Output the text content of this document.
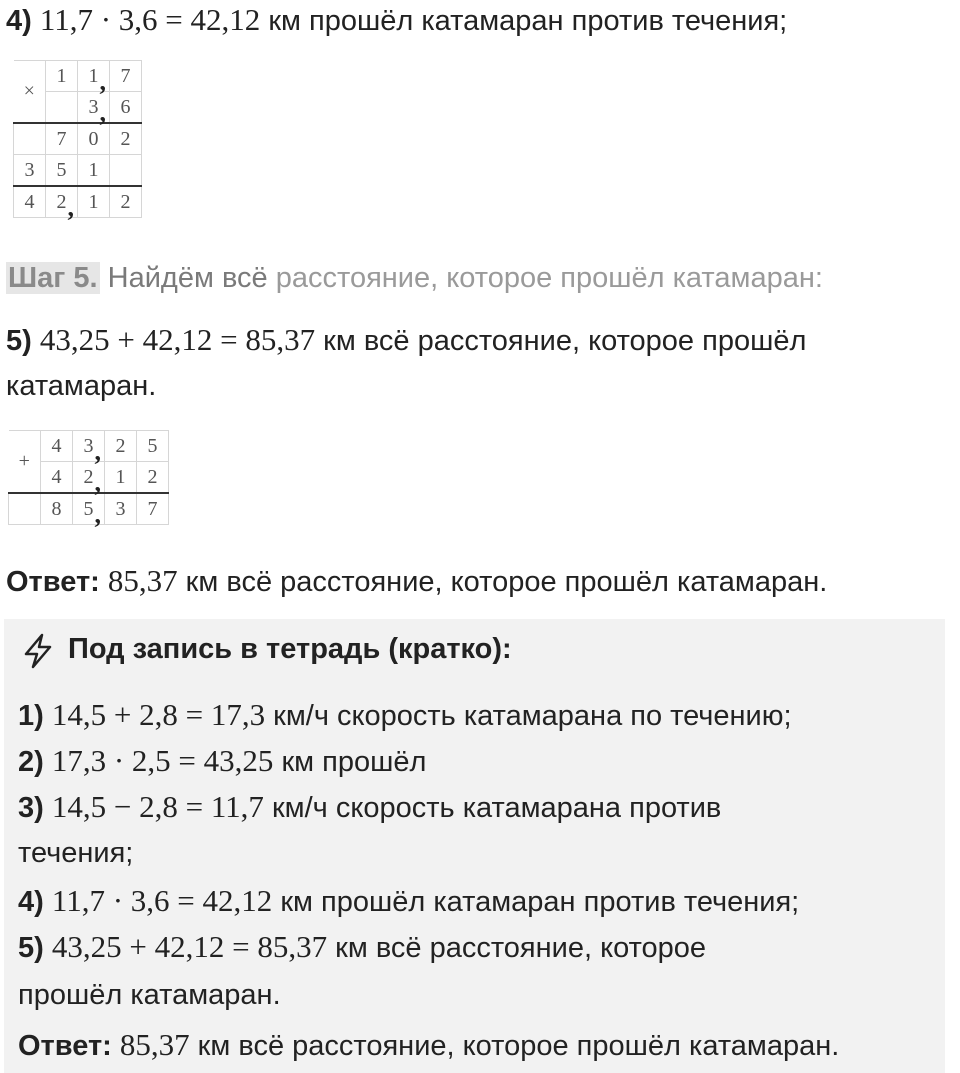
4) 11,7 · 3,6 = 42,12 км прошёл катамаран против течения;
×	1	1 ,	7
		3 ,	6
	7	0	2
3	5	1	
4	2 ,	1	2
Шаг 5. Найдём всё расстояние, которое прошёл катамаран:
5) 43,25 + 42,12 = 85,37 км всё расстояние, которое прошёл
катамаран.
+	4	3 ,	2	5
	4	2 ,	1	2
	8	5 ,	3	7
Ответ: 85,37 км всё расстояние, которое прошёл катамаран.
Под запись в тетрадь (кратко):
1) 14,5 + 2,8 = 17,3 км/ч скорость катамарана по течению;
2) 17,3 · 2,5 = 43,25 км прошёл
3) 14,5 − 2,8 = 11,7 км/ч скорость катамарана против
течения;
4) 11,7 · 3,6 = 42,12 км прошёл катамаран против течения;
5) 43,25 + 42,12 = 85,37 км всё расстояние, которое
прошёл катамаран.
Ответ: 85,37 км всё расстояние, которое прошёл катамаран.
